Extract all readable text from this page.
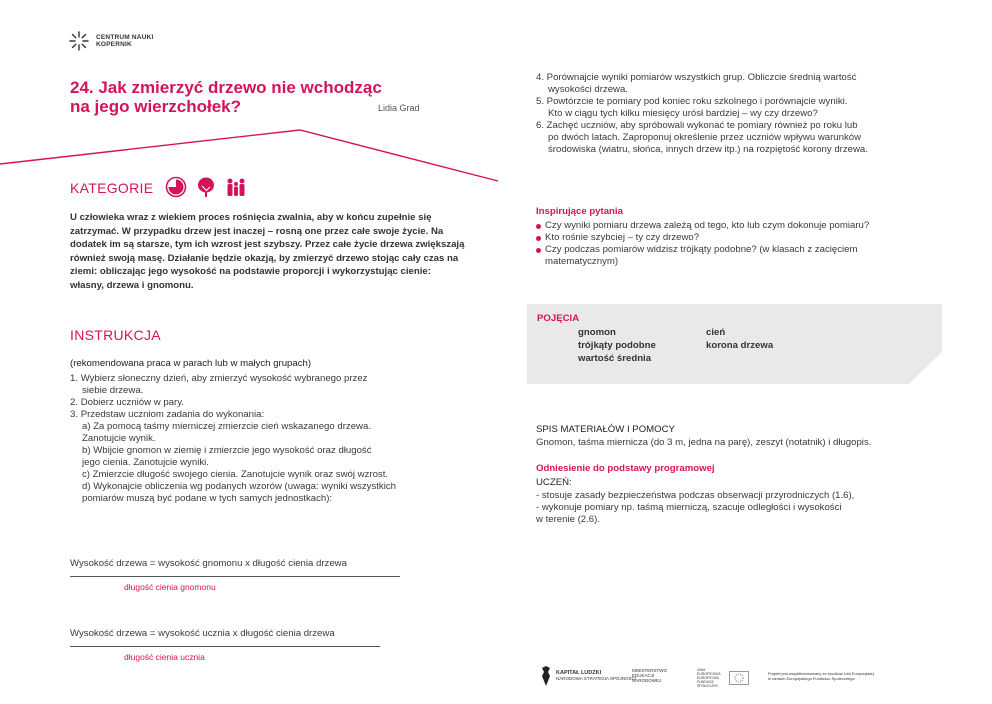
CENTRUM NAUKI
KOPERNIK
24. Jak zmierzyć drzewo nie wchodząc na jego wierzchołek?	Lidia Grad
KATEGORIE

U człowieka wraz z wiekiem proces rośnięcia zwalnia, aby w końcu zupełnie się zatrzymać. W przypadku drzew jest inaczej – rosną one przez całe swoje życie. Na dodatek im są starsze, tym ich wzrost jest szybszy. Przez całe życie drzewa zwiększają również swoją masę. Działanie będzie okazją, by zmierzyć drzewo stojąc cały czas na ziemi: obliczając jego wysokość na podstawie proporcji i wykorzystując cienie: własny, drzewa i gnomonu.

INSTRUKCJA
(rekomendowana praca w parach lub w małych grupach)
1. Wybierz słoneczny dzień, aby zmierzyć wysokość wybranego przez
siebie drzewa.
2. Dobierz uczniów w pary.
3. Przedstaw uczniom zadania do wykonania:
a) Za pomocą taśmy mierniczej zmierzcie cień wskazanego drzewa.
Zanotujcie wynik.
b) Wbijcie gnomon w ziemię i zmierzcie jego wysokość oraz długość
jego cienia. Zanotujcie wyniki.
c) Zmierzcie długość swojego cienia. Zanotujcie wynik oraz swój wzrost.
d) Wykonajcie obliczenia wg podanych wzorów (uwaga: wyniki wszystkich
pomiarów muszą być podane w tych samych jednostkach):
Wysokość drzewa = wysokość gnomonu x długość cienia drzewa
długość cienia gnomonu
Wysokość drzewa = wysokość ucznia x długość cienia drzewa
długość cienia ucznia
4. Porównajcie wyniki pomiarów wszystkich grup. Obliczcie średnią wartość
wysokości drzewa.
5. Powtórzcie te pomiary pod koniec roku szkolnego i porównajcie wyniki.
Kto w ciągu tych kilku miesięcy urósł bardziej – wy czy drzewo?
6. Zachęć uczniów, aby spróbowali wykonać te pomiary również po roku lub
po dwóch latach. Zaproponuj określenie przez uczniów wpływu warunków
środowiska (wiatru, słońca, innych drzew itp.) na rozpiętość korony drzewa.
Inspirujące pytania
Czy wyniki pomiaru drzewa zależą od tego, kto lub czym dokonuje pomiaru?
Kto rośnie szybciej – ty czy drzewo?
Czy podczas pomiarów widzisz trójkąty podobne? (w klasach z zacięciem
matematycznym)
POJĘCIA
gnomon	cień
trójkąty podobne	korona drzewa
wartość średnia
SPIS MATERIAŁÓW I POMOCY
Gnomon, taśma miernicza (do 3 m, jedna na parę), zeszyt (notatnik) i długopis.
Odniesienie do podstawy programowej
UCZEŃ:
- stosuje zasady bezpieczeństwa podczas obserwacji przyrodniczych (1.6),
- wykonuje pomiary np. taśmą mierniczą, szacuje odległości i wysokości
w terenie (2.6).
KAPITAŁ LUDZKI
NARODOWA STRATEGIA SPÓJNOŚCI
MINISTERSTWO
EDUKACJI
NARODOWEJ
UNIA EUROPEJSKA EUROPEJSKI FUNDUSZ SPOŁECZNY
Projekt jest współfinansowany ze środków Unii Europejskiej
w ramach Europejskiego Funduszu Społecznego
